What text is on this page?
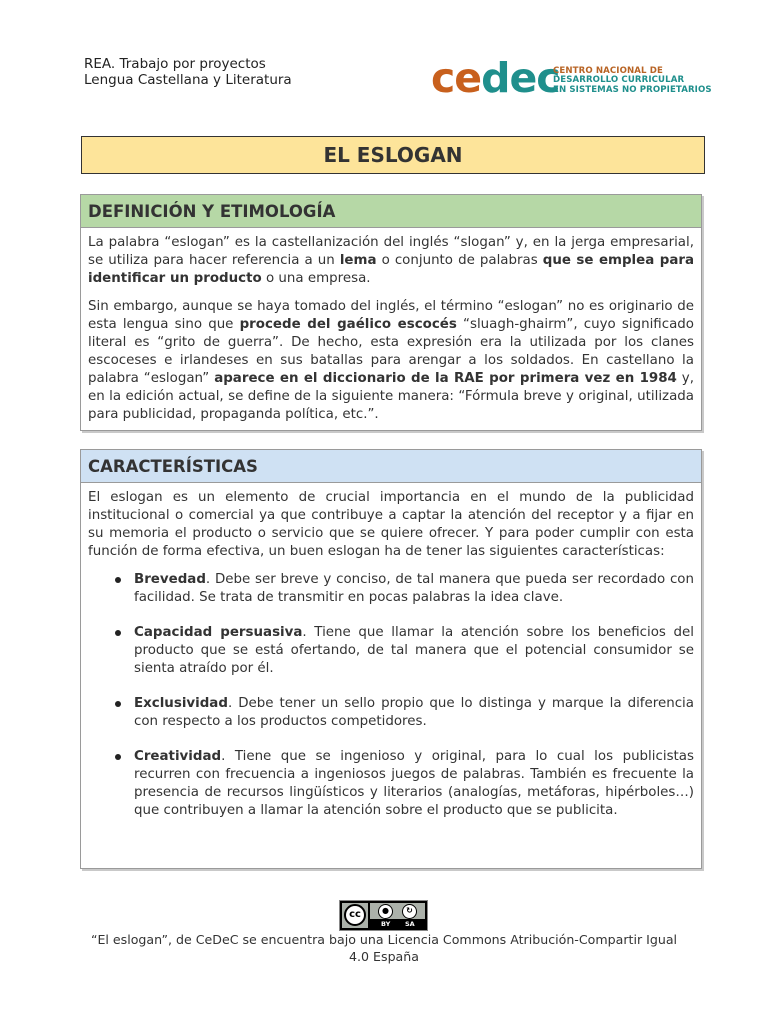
REA. Trabajo por proyectos
Lengua Castellana y Literatura	cedec
CENTRO NACIONAL DE
DESARROLLO CURRICULAR
EN SISTEMAS NO PROPIETARIOS
EL ESLOGAN
DEFINICIÓN Y ETIMOLOGÍA

La palabra “eslogan” es la castellanización del inglés “slogan” y, en la jerga empresarial, se utiliza para hacer referencia a un lema o conjunto de palabras que se emplea para identificar un producto o una empresa.

Sin embargo, aunque se haya tomado del inglés, el término “eslogan” no es originario de esta lengua sino que procede del gaélico escocés “sluagh-ghairm”, cuyo significado literal es “grito de guerra”. De hecho, esta expresión era la utilizada por los clanes escoceses e irlandeses en sus batallas para arengar a los soldados. En castellano la palabra “eslogan” aparece en el diccionario de la RAE por primera vez en 1984 y, en la edición actual, se define de la siguiente manera: “Fórmula breve y original, utilizada para publicidad, propaganda política, etc.”.

CARACTERÍSTICAS

El eslogan es un elemento de crucial importancia en el mundo de la publicidad institucional o comercial ya que contribuye a captar la atención del receptor y a fijar en su memoria el producto o servicio que se quiere ofrecer. Y para poder cumplir con esta función de forma efectiva, un buen eslogan ha de tener las siguientes características:

Brevedad. Debe ser breve y conciso, de tal manera que pueda ser recordado con facilidad. Se trata de transmitir en pocas palabras la idea clave.
Capacidad persuasiva. Tiene que llamar la atención sobre los beneficios del producto que se está ofertando, de tal manera que el potencial consumidor se sienta atraído por él.
Exclusividad. Debe tener un sello propio que lo distinga y marque la diferencia con respecto a los productos competidores.
Creatividad. Tiene que se ingenioso y original, para lo cual los publicistas recurren con frecuencia a ingeniosos juegos de palabras. También es frecuente la presencia de recursos lingüísticos y literarios (analogías, metáforas, hipérboles…) que contribuyen a llamar la atención sobre el producto que se publicita.
cc	●	↻
BY SA
“El eslogan”, de CeDeC se encuentra bajo una Licencia Commons Atribución-Compartir Igual
4.0 España
